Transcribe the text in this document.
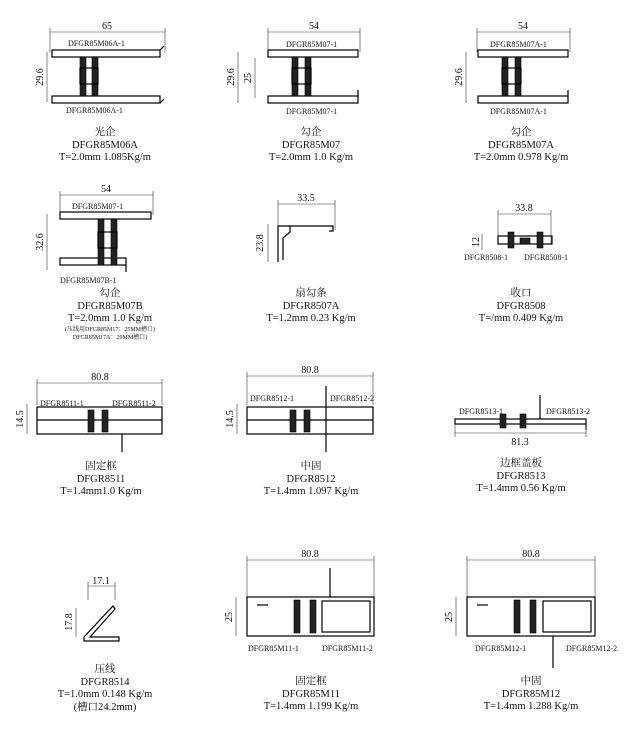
65
29.6
DFGR85M06A-1
DFGR85M06A-1
54
29.6 25
DFGR85M07-1
DFGR85M07-1
54
29.6
DFGR85M07A-1
DFGR85M07A-1
54
32.6
DFGR85M07-1
DFGR85M07B-1
33.5
23.8
33.8
12
DFGR8508-1 DFGR8508-1
80.8
14.5
DFGR8511-1	DFGR8511-2
80.8
14.5
DFGR8512-1	DFGR8512-2
81.3
DFGR8513-1	DFGR8513-2
17.1
17.8
80.8
25
DFGR85M11-1	DFGR85M11-2
80.8
25
DFGR85M12-1	DFGR85M12-2
光企
DFGR85M06A
T=2.0mm 1.085Kg/m
勾企
DFGR85M07
T=2.0mm 1.0 Kg/m
勾企
DFGR85M07A
T=2.0mm 0.978 Kg/m
勾企
DFGR85M07B
T=2.0mm 1.0 Kg/m
(压线用DFGR85M17：25MM槽口)
DFGR85M17A：29MM槽口)
扇勾条
DFGR8507A
T=1.2mm 0.23 Kg/m
收口
DFGR8508
T=/mm 0.409 Kg/m
固定框
DFGR8511
T=1.4mm1.0 Kg/m
中固
DFGR8512
T=1.4mm 1.097 Kg/m
边框盖板
DFGR8513
T=1.4mm 0.56 Kg/m
压线
DFGR8514
T=1.0mm 0.148 Kg/m
(槽口24.2mm)
固定框
DFGR85M11
T=1.4mm 1.199 Kg/m
中固
DFGR85M12
T=1.4mm 1.288 Kg/m
